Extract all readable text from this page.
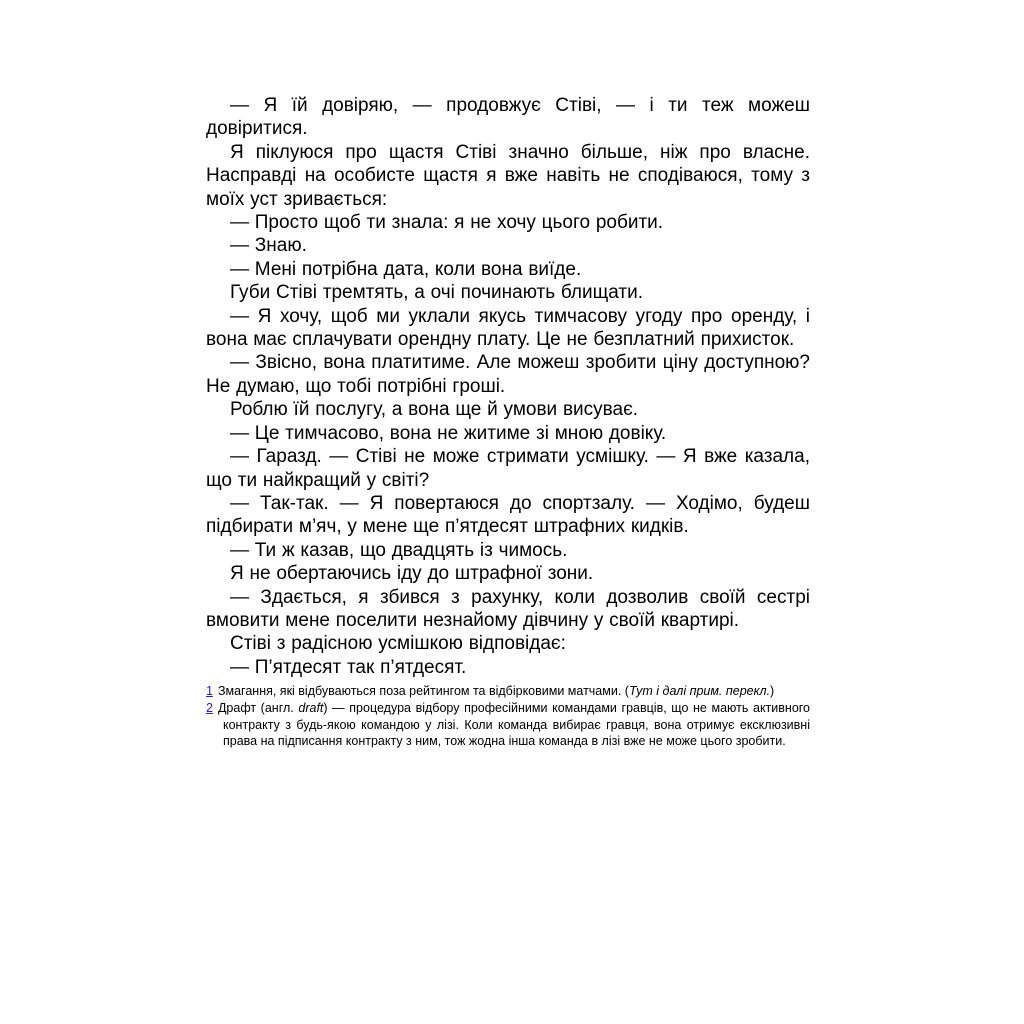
— Я їй довіряю, — продовжує Стіві, — і ти теж можеш довіритися.

Я піклуюся про щастя Стіві значно більше, ніж про власне. Насправді на особисте щастя я вже навіть не сподіваюся, тому з моїх уст зривається:

— Просто щоб ти знала: я не хочу цього робити.

— Знаю.

— Мені потрібна дата, коли вона виїде.

Губи Стіві тремтять, а очі починають блищати.

— Я хочу, щоб ми уклали якусь тимчасову угоду про оренду, і вона має сплачувати орендну плату. Це не безплатний прихисток.

— Звісно, вона платитиме. Але можеш зробити ціну доступною? Не думаю, що тобі потрібні гроші.

Роблю їй послугу, а вона ще й умови висуває.

— Це тимчасово, вона не житиме зі мною довіку.

— Гаразд. — Стіві не може стримати усмішку. — Я вже казала, що ти найкращий у світі?

— Так-так. — Я повертаюся до спортзалу. — Ходімо, будеш підбирати м’яч, у мене ще п’ятдесят штрафних кидків.

— Ти ж казав, що двадцять із чимось.

Я не обертаючись іду до штрафної зони.

— Здається, я збився з рахунку, коли дозволив своїй сестрі вмовити мене поселити незнайому дівчину у своїй квартирі.

Стіві з радісною усмішкою відповідає:

— П’ятдесят так п’ятдесят.

1 Змагання, які відбуваються поза рейтингом та відбірковими матчами. (Тут і далі прим. перекл.)
2 Драфт (англ. draft) — процедура відбору професійними командами гравців, що не мають активного контракту з будь-якою командою у лізі. Коли команда вибирає гравця, вона отримує ексклюзивні права на підписання контракту з ним, тож жодна інша команда в лізі вже не може цього зробити.
